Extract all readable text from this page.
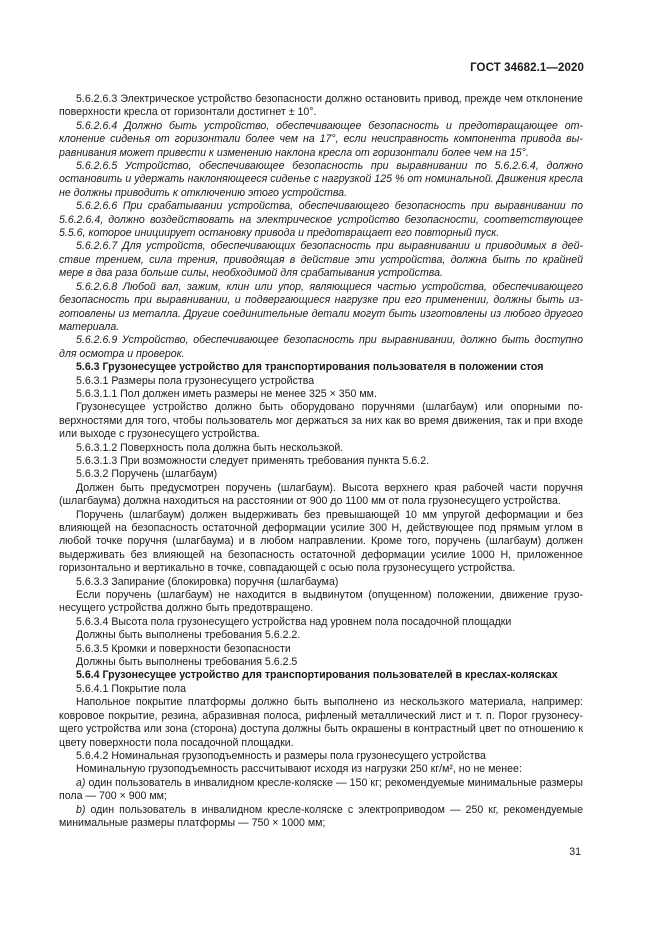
ГОСТ 34682.1—2020

5.6.2.6.3 Электрическое устройство безопасности должно остановить привод, прежде чем отклонение поверхности кресла от горизонтали достигнет ± 10°.

5.6.2.6.4 Должно быть устройство, обеспечивающее безопасность и предотвращающее отклонение сиденья от горизонтали более чем на 17°, если неисправность компонента привода выравнивания может привести к изменению наклона кресла от горизонтали более чем на 15°.

5.6.2.6.5 Устройство, обеспечивающее безопасность при выравнивании по 5.6.2.6.4, должно остановить и удержать наклоняющееся сиденье с нагрузкой 125 % от номинальной. Движения кресла не должны приводить к отключению этого устройства.

5.6.2.6.6 При срабатывании устройства, обеспечивающего безопасность при выравнивании по 5.6.2.6.4, должно воздействовать на электрическое устройство безопасности, соответствующее 5.5.6, которое инициирует остановку привода и предотвращает его повторный пуск.

5.6.2.6.7 Для устройств, обеспечивающих безопасность при выравнивании и приводимых в действие трением, сила трения, приводящая в действие эти устройства, должна быть по крайней мере в два раза больше силы, необходимой для срабатывания устройства.

5.6.2.6.8 Любой вал, зажим, клин или упор, являющиеся частью устройства, обеспечивающего безопасность при выравнивании, и подвергающиеся нагрузке при его применении, должны быть изготовлены из металла. Другие соединительные детали могут быть изготовлены из любого другого материала.

5.6.2.6.9 Устройство, обеспечивающее безопасность при выравнивании, должно быть доступно для осмотра и проверок.

5.6.3 Грузонесущее устройство для транспортирования пользователя в положении стоя

5.6.3.1 Размеры пола грузонесущего устройства

5.6.3.1.1 Пол должен иметь размеры не менее 325 × 350 мм.

Грузонесущее устройство должно быть оборудовано поручнями (шлагбаум) или опорными поверхностями для того, чтобы пользователь мог держаться за них как во время движения, так и при входе или выходе с грузонесущего устройства.

5.6.3.1.2 Поверхность пола должна быть нескользкой.

5.6.3.1.3 При возможности следует применять требования пункта 5.6.2.

5.6.3.2 Поручень (шлагбаум)

Должен быть предусмотрен поручень (шлагбаум). Высота верхнего края рабочей части поручня (шлагбаума) должна находиться на расстоянии от 900 до 1100 мм от пола грузонесущего устройства.

Поручень (шлагбаум) должен выдерживать без превышающей 10 мм упругой деформации и без влияющей на безопасность остаточной деформации усилие 300 Н, действующее под прямым углом в любой точке поручня (шлагбаума) и в любом направлении. Кроме того, поручень (шлагбаум) должен выдерживать без влияющей на безопасность остаточной деформации усилие 1000 Н, приложенное горизонтально и вертикально в точке, совпадающей с осью пола грузонесущего устройства.

5.6.3.3 Запирание (блокировка) поручня (шлагбаума)

Если поручень (шлагбаум) не находится в выдвинутом (опущенном) положении, движение грузонесущего устройства должно быть предотвращено.

5.6.3.4 Высота пола грузонесущего устройства над уровнем пола посадочной площадки

Должны быть выполнены требования 5.6.2.2.

5.6.3.5 Кромки и поверхности безопасности

Должны быть выполнены требования 5.6.2.5

5.6.4 Грузонесущее устройство для транспортирования пользователей в креслах-колясках

5.6.4.1 Покрытие пола

Напольное покрытие платформы должно быть выполнено из нескользкого материала, например: ковровое покрытие, резина, абразивная полоса, рифленый металлический лист и т. п. Порог грузонесущего устройства или зона (сторона) доступа должны быть окрашены в контрастный цвет по отношению к цвету поверхности пола посадочной площадки.

5.6.4.2 Номинальная грузоподъемность и размеры пола грузонесущего устройства

Номинальную грузоподъемность рассчитывают исходя из нагрузки 250 кг/м², но не менее:

a) один пользователь в инвалидном кресле-коляске — 150 кг; рекомендуемые минимальные размеры пола — 700 × 900 мм;

b) один пользователь в инвалидном кресле-коляске с электроприводом — 250 кг, рекомендуемые минимальные размеры платформы — 750 × 1000 мм;

31
